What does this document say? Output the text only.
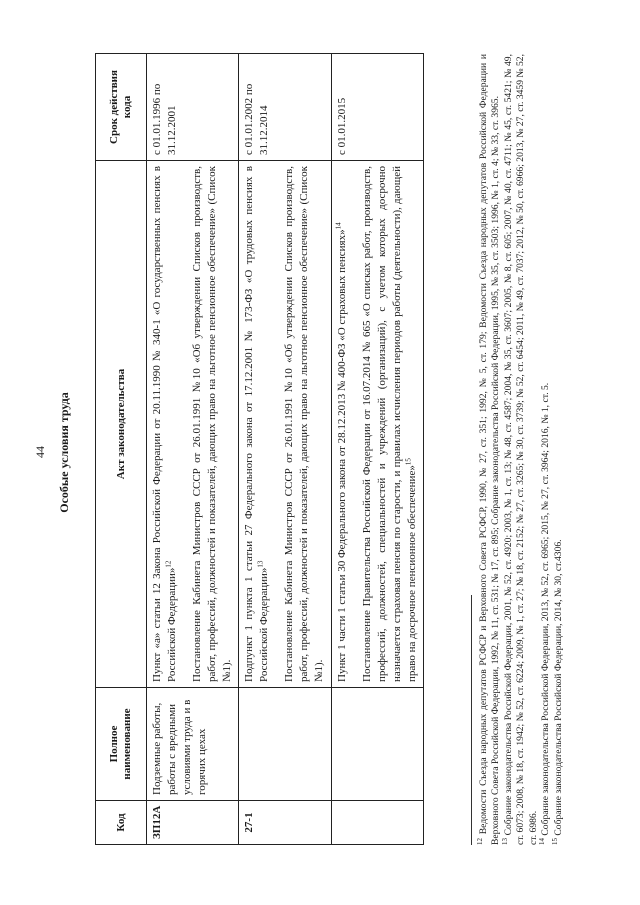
44 Особые условия труда
Код	Полное наименование	Акт законодательства	Срок действия кода
ЗП12А	Подземные работы, работы с вредными условиями труда и в горячих цехах	Пункт «а» статьи 12 Закона Российской Федерации от 20.11.1990 № 340-1 «О государственных пенсиях в Российской Федерации»$^{12}$ Постановление Кабинета Министров СССР от 26.01.1991 №10 «Об утверждении Списков производств, работ, профессий, должностей и показателей, дающих право на льготное пенсионное обеспечение» (Список №1).	с 01.01.1996 по 31.12.2001
27-1		Подпункт 1 пункта 1 статьи 27 Федерального закона от 17.12.2001 № 173-ФЗ «О трудовых пенсиях в Российской Федерации»$^{13}$ Постановление Кабинета Министров СССР от 26.01.1991 №10 «Об утверждении Списков производств, работ, профессий, должностей и показателей, дающих право на льготное пенсионное обеспечение» (Список №1).	с 01.01.2002 по 31.12.2014

		Пункт 1 части 1 статьи 30 Федерального закона от 28.12.2013 № 400-ФЗ «О страховых пенсиях»$^{14}$ Постановление Правительства Российской Федерации от 16.07.2014 № 665 «О списках работ, производств, профессий, должностей, специальностей и учреждений (организаций), с учетом которых досрочно назначается страховая пенсия по старости, и правилах исчисления периодов работы (деятельности), дающей право на досрочное пенсионное обеспечение»$^{15}$	с 01.01.2015

$^{12}$ Ведомости Съезда народных депутатов РСФСР и Верховного Совета РСФСР, 1990, № 27, ст. 351; 1992, № 5, ст. 179; Ведомости Съезда народных депутатов Российской Федерации и Верховного Совета Российской Федерации, 1992, № 11, ст. 531; № 17, ст. 895; Собрание законодательства Российской Федерации, 1995, № 35, ст. 3503; 1996, № 1, ст. 4; № 33, ст. 3965. $^{13}$ Собрание законодательства Российской Федерации, 2001, № 52, ст. 4920; 2003, № 1, ст. 13; № 48, ст. 4587; 2004, № 35, ст. 3607; 2005, № 8, ст. 605; 2007, № 40, ст. 4711; № 45, ст. 5421; № 49, ст. 6073; 2008, № 18, ст. 1942; № 52, ст. 6224; 2009, № 1, ст. 27; № 18, ст. 2152; № 27, ст. 3265; № 30, ст. 3739; № 52, ст. 6454; 2011, № 49, ст. 7037; 2012, № 50, ст. 6966; 2013, № 27, ст. 3459 № 52, ст. 6986. $^{14}$ Собрание законодательства Российской Федерации, 2013, № 52, ст. 6965; 2015, № 27, ст. 3964; 2016, № 1, ст. 5.

$^{15}$ Собрание законодательства Российской Федерации, 2014, № 30, ст.4306.
